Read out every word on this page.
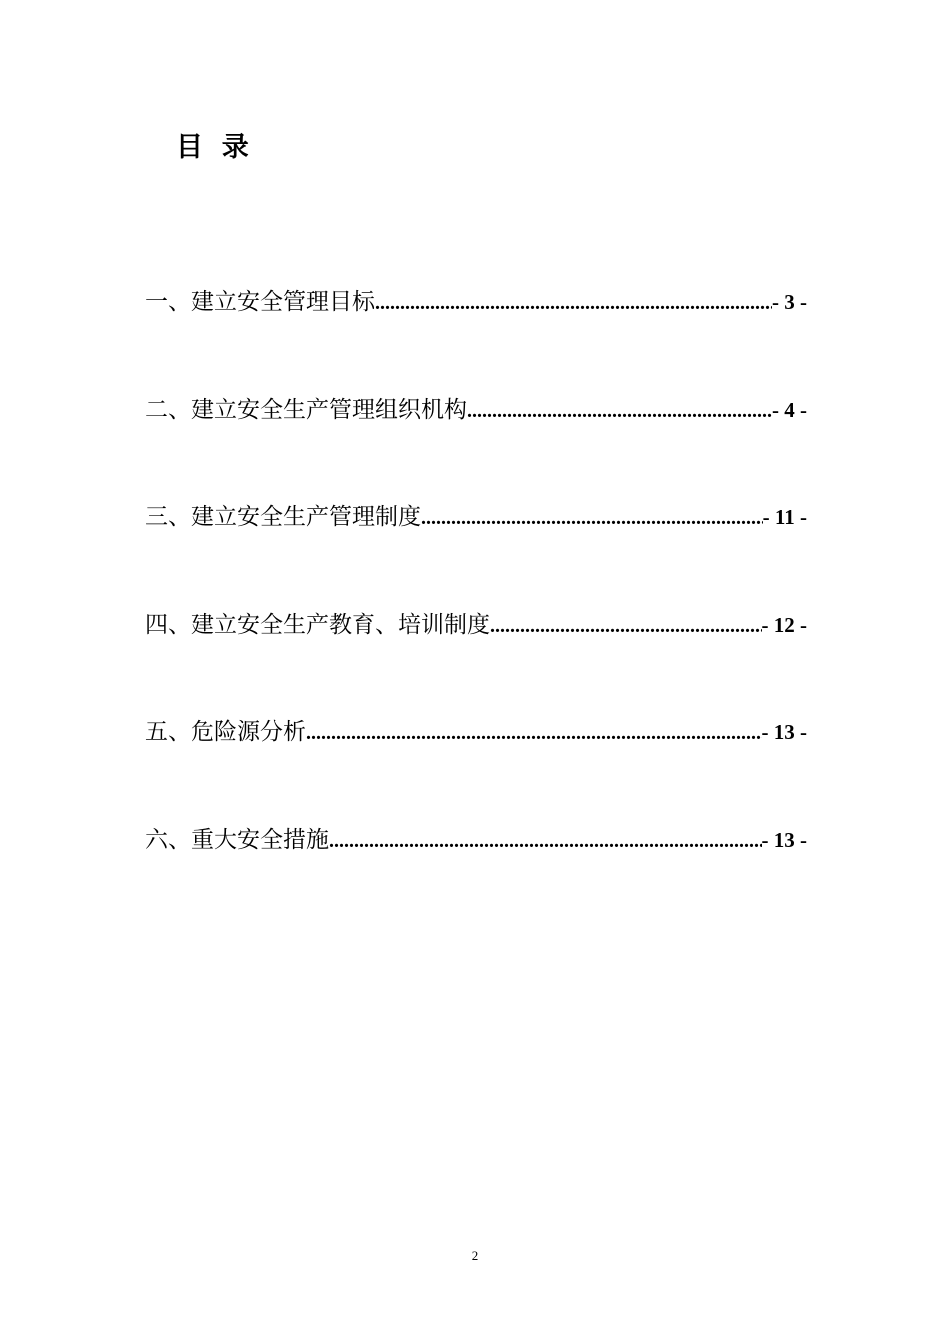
目  录
一、建立安全管理目标 .....	- 3 -
二、建立安全生产管理组织机构 .....	- 4 -
三、建立安全生产管理制度 .....	- 11 -
四、建立安全生产教育、培训制度 .....	- 12 -
五、危险源分析 .....	- 13 -
六、重大安全措施 .....	- 13 -
2
